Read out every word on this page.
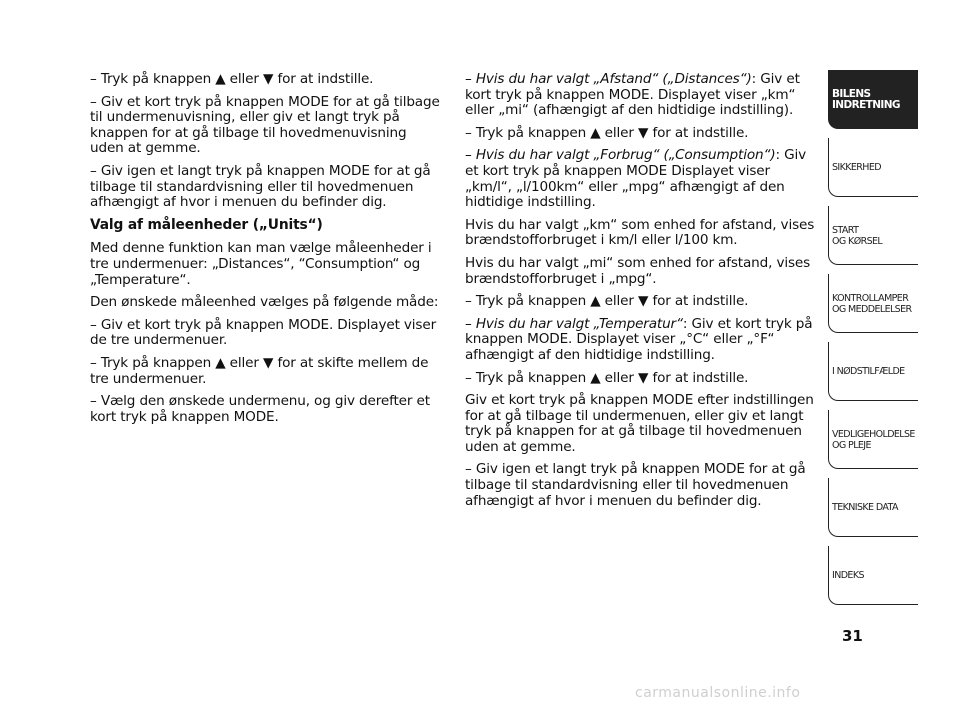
– Tryk på knappen ▲ eller ▼ for at indstille.

– Giv et kort tryk på knappen MODE for at gå tilbage til undermenuvisning, eller giv et langt tryk på knappen for at gå tilbage til hovedmenuvisning uden at gemme.

– Giv igen et langt tryk på knappen MODE for at gå tilbage til standardvisning eller til hovedmenuen afhængigt af hvor i menuen du befinder dig.

Valg af måleenheder („Units“)

Med denne funktion kan man vælge måleenheder i tre undermenuer: „Distances“, “Consumption“ og „Temperature“.

Den ønskede måleenhed vælges på følgende måde:

– Giv et kort tryk på knappen MODE. Displayet viser de tre undermenuer.

– Tryk på knappen ▲ eller ▼ for at skifte mellem de tre undermenuer.

– Vælg den ønskede undermenu, og giv derefter et kort tryk på knappen MODE.

– Hvis du har valgt „Afstand“ („Distances“): Giv et kort tryk på knappen MODE. Displayet viser „km“ eller „mi“ (afhængigt af den hidtidige indstilling).

– Tryk på knappen ▲ eller ▼ for at indstille.

– Hvis du har valgt „Forbrug“ („Consumption“): Giv et kort tryk på knappen MODE Displayet viser „km/l“, „l/100km“ eller „mpg“ afhængigt af den hidtidige indstilling.

Hvis du har valgt „km“ som enhed for afstand, vises brændstofforbruget i km/l eller l/100 km.

Hvis du har valgt „mi“ som enhed for afstand, vises brændstofforbruget i „mpg“.

– Tryk på knappen ▲ eller ▼ for at indstille.

– Hvis du har valgt „Temperatur“: Giv et kort tryk på knappen MODE. Displayet viser „°C“ eller „°F“ afhængigt af den hidtidige indstilling.

– Tryk på knappen ▲ eller ▼ for at indstille.

Giv et kort tryk på knappen MODE efter indstillingen for at gå tilbage til undermenuen, eller giv et langt tryk på knappen for at gå tilbage til hovedmenuen uden at gemme.

– Giv igen et langt tryk på knappen MODE for at gå tilbage til standardvisning eller til hovedmenuen afhængigt af hvor i menuen du befinder dig.

BILENS
INDRETNING
SIKKERHED
START
OG KØRSEL
KONTROLLAMPER
OG MEDDELELSER
I NØDSTILFÆLDE
VEDLIGEHOLDELSE
OG PLEJE
TEKNISKE DATA
INDEKS
31
carmanualsonline.info
